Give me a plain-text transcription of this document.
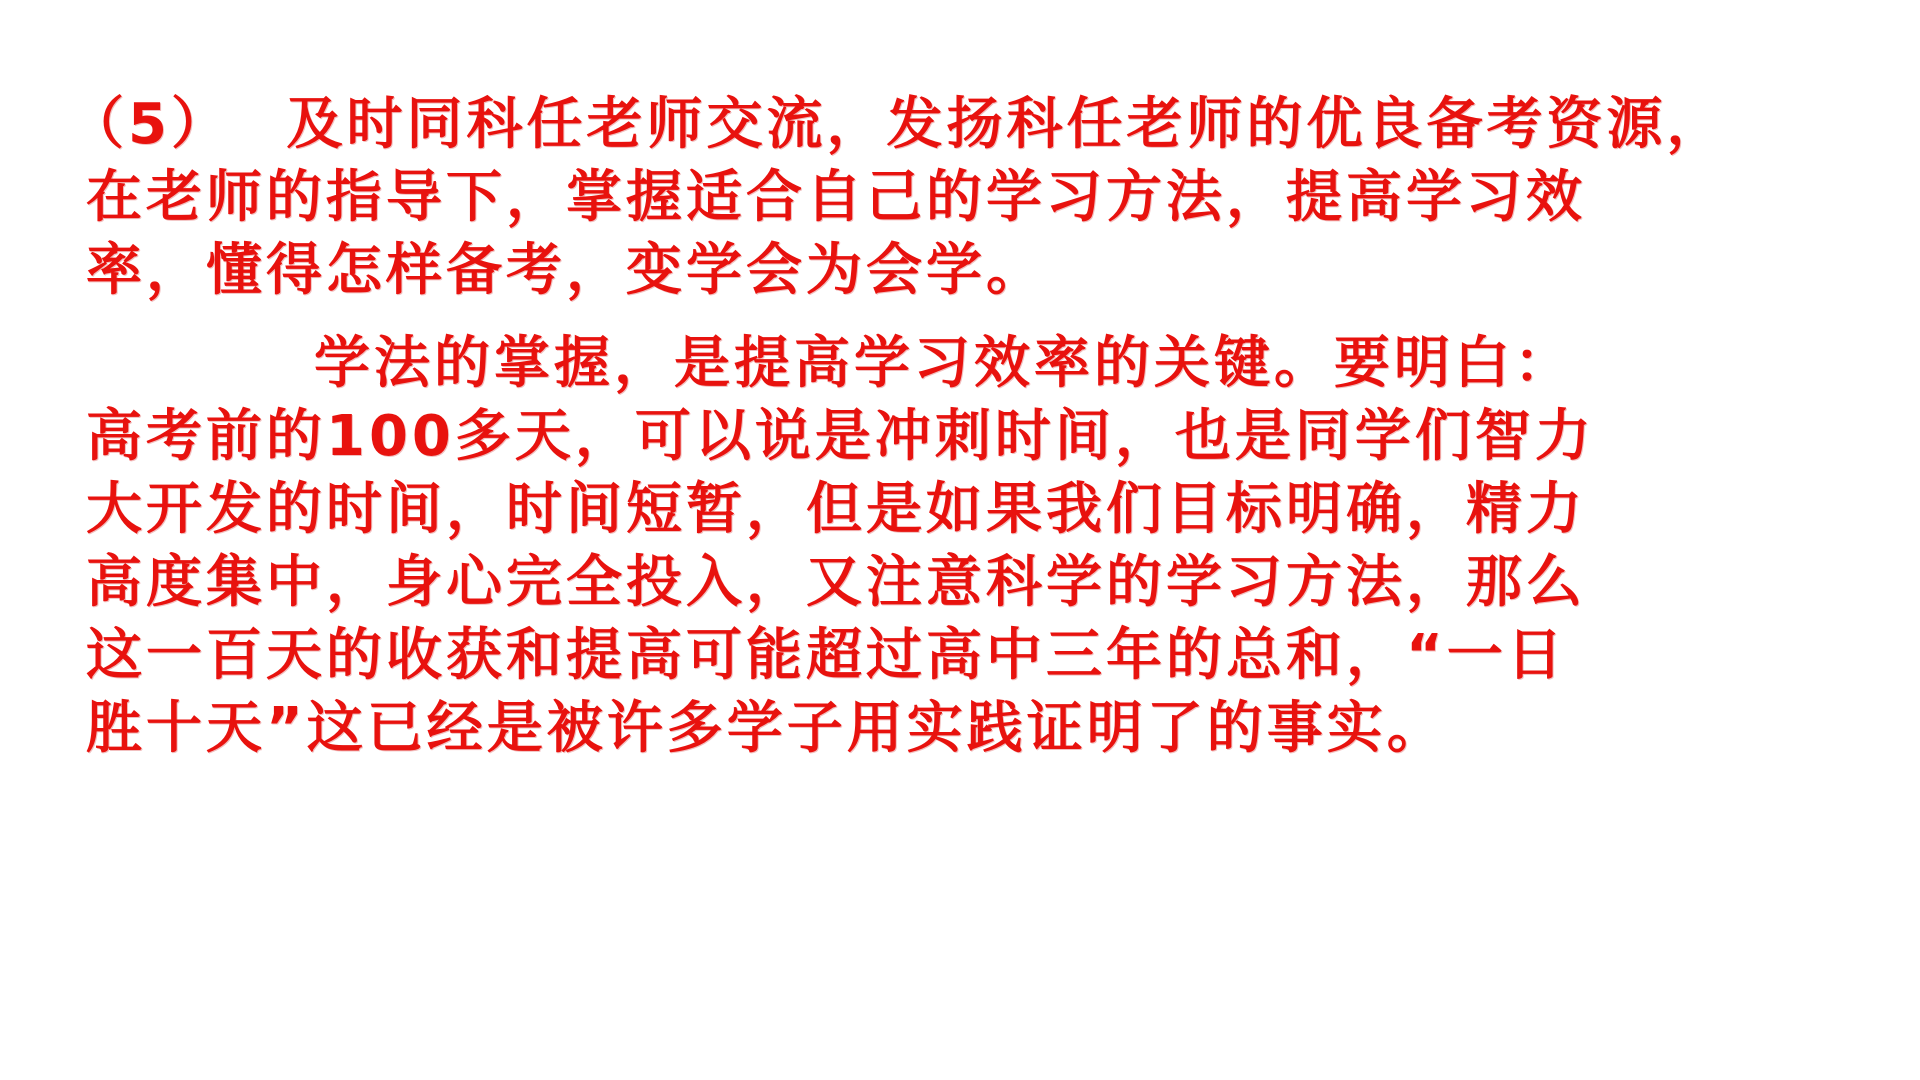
（5）　 及时同科任老师交流，发扬科任老师的优良备考资源，
在老师的指导下，掌握适合自己的学习方法，提高学习效
率，懂得怎样备考，变学会为会学。
学法的掌握，是提高学习效率的关键。要明白：
高考前的100多天，可以说是冲刺时间，也是同学们智力
大开发的时间，时间短暂，但是如果我们目标明确，精力
高度集中，身心完全投入，又注意科学的学习方法，那么
这一百天的收获和提高可能超过高中三年的总和，“一日
胜十天”这已经是被许多学子用实践证明了的事实。
